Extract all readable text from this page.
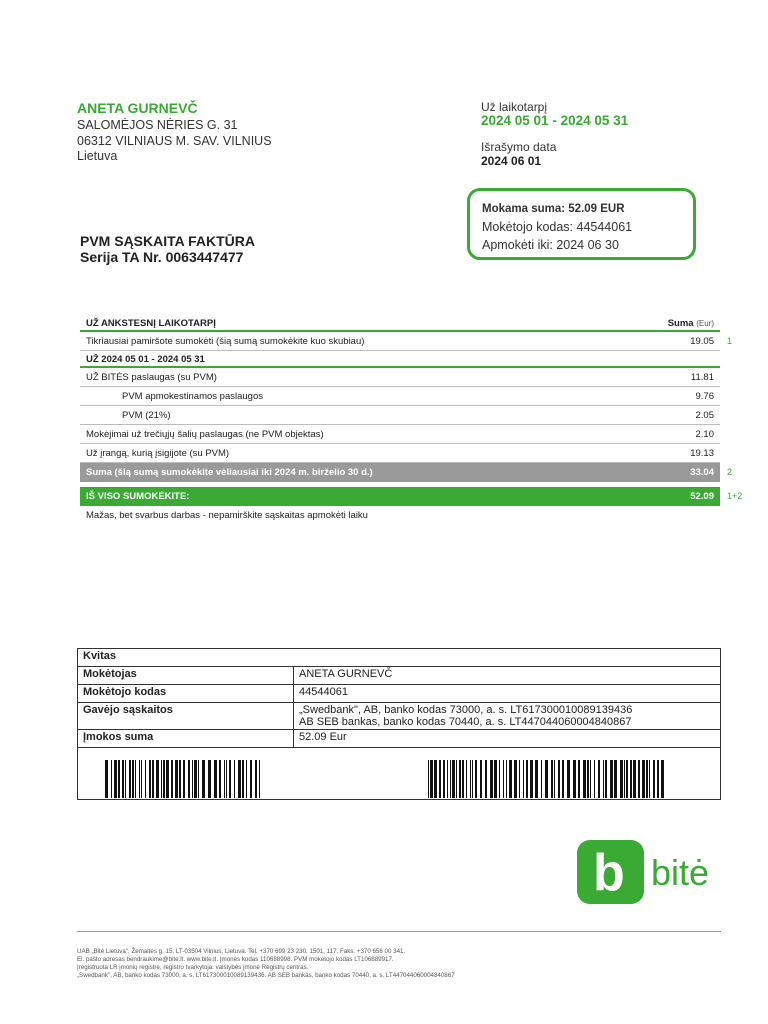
ANETA GURNEVČ
SALOMĖJOS NĖRIES G. 31
06312 VILNIAUS M. SAV. VILNIUS
Lietuva
Už laikotarpį
2024 05 01 - 2024 05 31
Išrašymo data
2024 06 01
Mokama suma: 52.09 EUR
Mokėtojo kodas: 44544061
Apmokėti iki: 2024 06 30
PVM SĄSKAITA FAKTŪRA
Serija TA Nr. 0063447477
UŽ ANKSTESNĮ LAIKOTARPĮ	Suma (Eur)
Tikriausiai pamiršote sumokėti (šią sumą sumokėkite kuo skubiau)	19.05 1
UŽ 2024 05 01 - 2024 05 31
UŽ BITĖS paslaugas (su PVM)	11.81
PVM apmokestinamos paslaugos	9.76
PVM (21%)	2.05
Mokėjimai už trečiųjų šalių paslaugas (ne PVM objektas)	2.10
Už įrangą, kurią įsigijote (su PVM)	19.13
Suma (šią sumą sumokėkite vėliausiai iki 2024 m. birželio 30 d.)	33.04 2
IŠ VISO SUMOKĖKITE:	52.09 1+2
Mažas, bet svarbus darbas - nepamirškite sąskaitas apmokėti laiku
Kvitas	
Mokėtojas	ANETA GURNEVČ
Mokėtojo kodas	44544061
Gavėjo sąskaitos	„Swedbank", AB, banko kodas 73000, a. s. LT617300010089139436
AB SEB bankas, banko kodas 70440, a. s. LT447044060004840867

Įmokos suma	52.09 Eur

b bitė
UAB „Bitė Lietuva", Žemaitės g. 15, LT-03504 Vilnius, Lietuva. Tel. +370 699 23 230, 1501, 117. Faks. +370 656 00 341.
El. pašto adresas bendraukime@bite.lt. www.bite.lt. Įmonės kodas 110688998. PVM mokėtojo kodas LT106889917.
Įregistruota LR įmonių registre, registro tvarkytoja: valstybės įmonė Registrų centras.
„Swedbank", AB, banko kodas 73000, a. s. LT617300010089139436. AB SEB bankas, banko kodas 70440, a. s. LT447044060004840867
